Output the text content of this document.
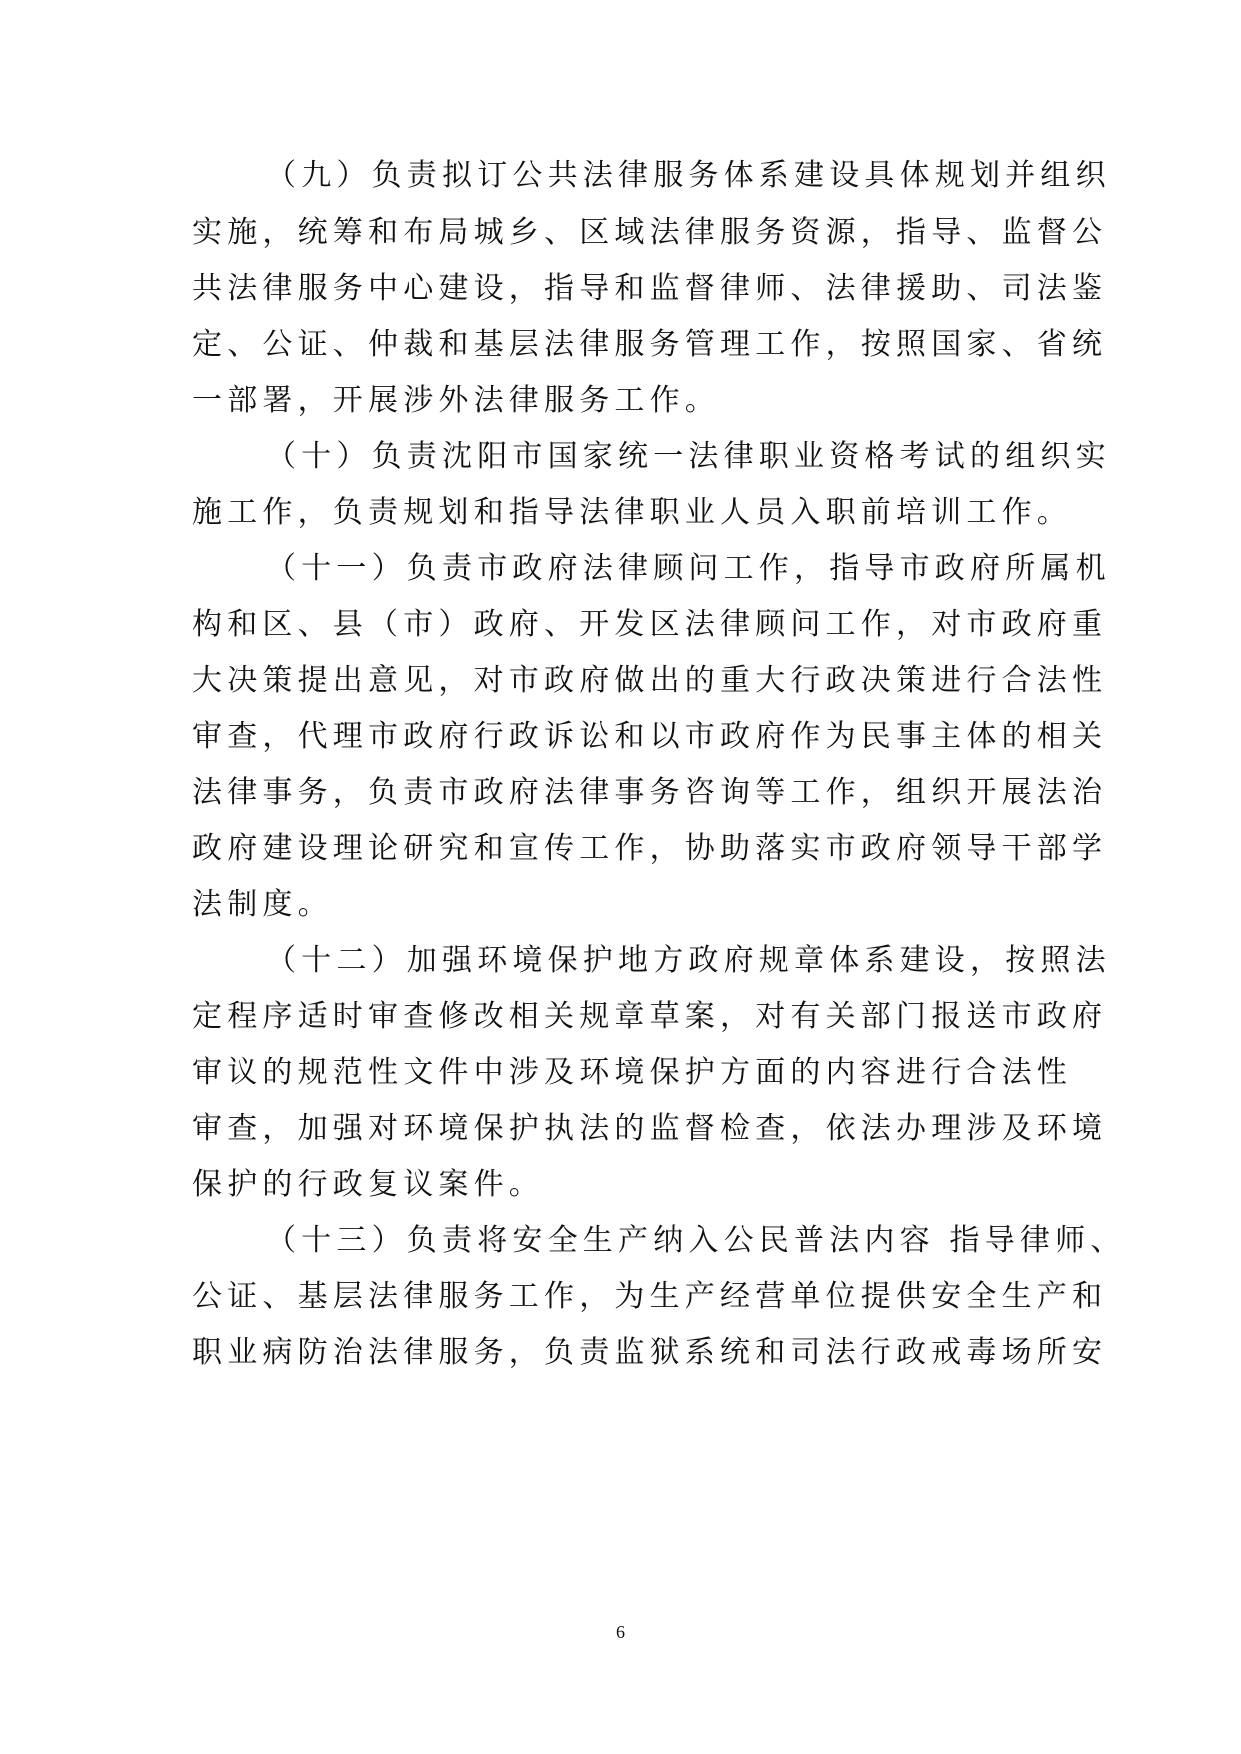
（九）负责拟订公共法律服务体系建设具体规划并组织
实施，统筹和布局城乡、区域法律服务资源，指导、监督公
共法律服务中心建设，指导和监督律师、法律援助、司法鉴
定、公证、仲裁和基层法律服务管理工作，按照国家、省统
一部署，开展涉外法律服务工作。
（十）负责沈阳市国家统一法律职业资格考试的组织实
施工作，负责规划和指导法律职业人员入职前培训工作。
（十一）负责市政府法律顾问工作，指导市政府所属机
构和区、县（市）政府、开发区法律顾问工作，对市政府重
大决策提出意见，对市政府做出的重大行政决策进行合法性
审查，代理市政府行政诉讼和以市政府作为民事主体的相关
法律事务，负责市政府法律事务咨询等工作，组织开展法治
政府建设理论研究和宣传工作，协助落实市政府领导干部学
法制度。
（十二）加强环境保护地方政府规章体系建设，按照法
定程序适时审查修改相关规章草案，对有关部门报送市政府
审议的规范性文件中涉及环境保护方面的内容进行合法性
审查，加强对环境保护执法的监督检查，依法办理涉及环境
保护的行政复议案件。
（十三）负责将安全生产纳入公民普法内容 指导律师、
公证、基层法律服务工作，为生产经营单位提供安全生产和
职业病防治法律服务，负责监狱系统和司法行政戒毒场所安
6
